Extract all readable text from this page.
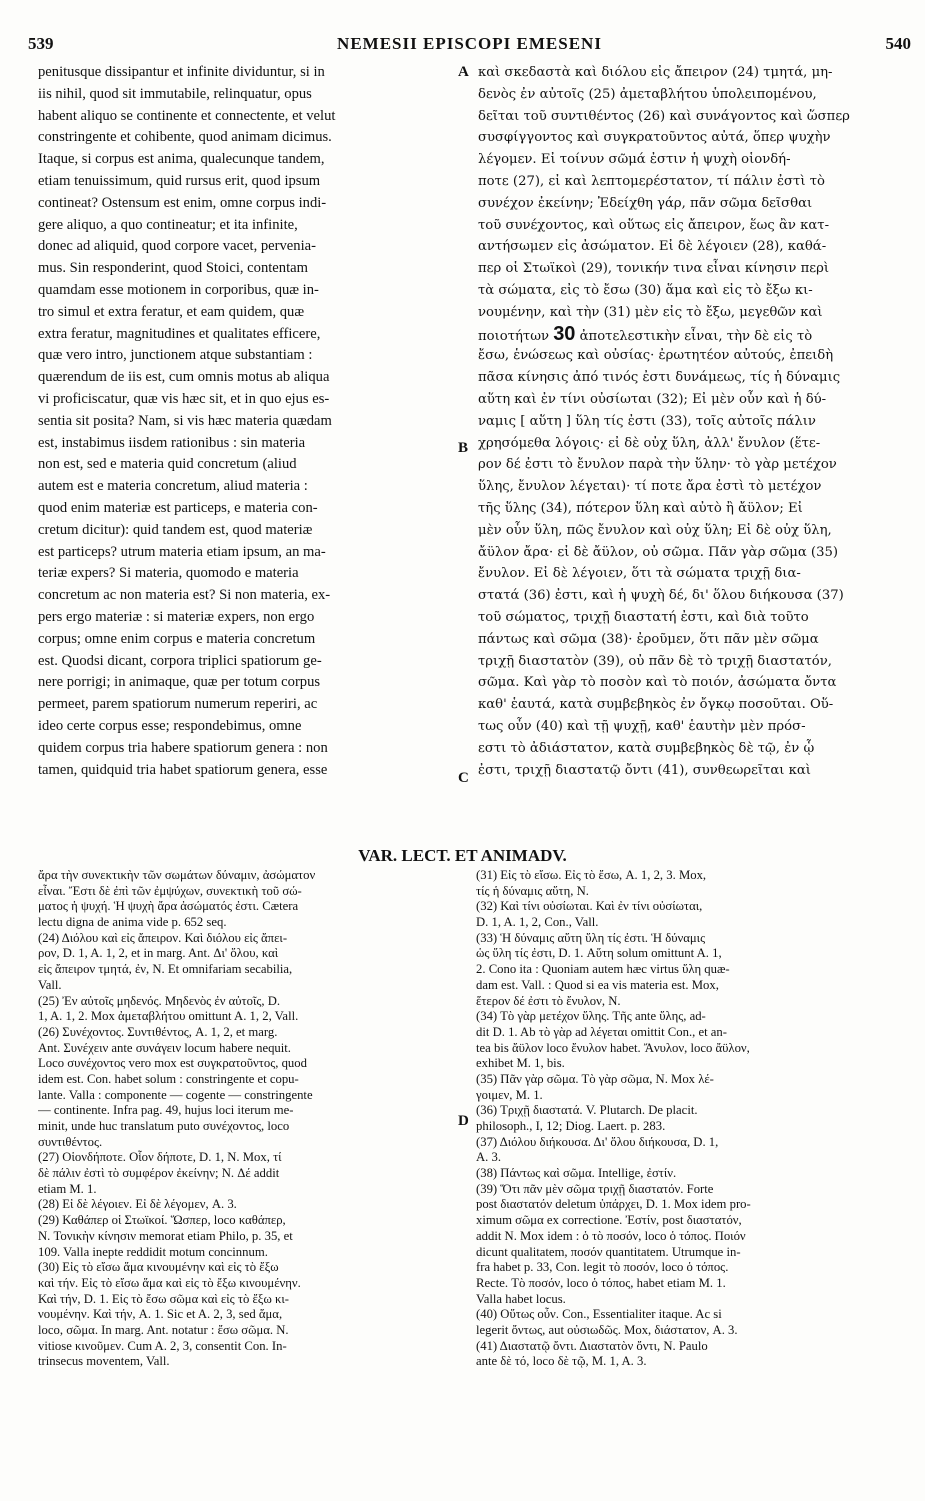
539	NEMESII EPISCOPI EMESENI	540
penitusque dissipantur et infinite dividuntur, si in
iis nihil, quod sit immutabile, relinquatur, opus
habent aliquo se continente et connectente, et velut
constringente et cohibente, quod animam dicimus.
Itaque, si corpus est anima, qualecunque tandem,
etiam tenuissimum, quid rursus erit, quod ipsum
contineat? Ostensum est enim, omne corpus indi-
gere aliquo, a quo contineatur; et ita infinite,
donec ad aliquid, quod corpore vacet, pervenia-
mus. Sin responderint, quod Stoici, contentam
quamdam esse motionem in corporibus, quæ in-
tro simul et extra feratur, et eam quidem, quæ
extra feratur, magnitudines et qualitates efficere,
quæ vero intro, junctionem atque substantiam :
quærendum de iis est, cum omnis motus ab aliqua
vi proficiscatur, quæ vis hæc sit, et in quo ejus es-
sentia sit posita? Nam, si vis hæc materia quædam
est, instabimus iisdem rationibus : sin materia
non est, sed e materia quid concretum (aliud
autem est e materia concretum, aliud materia :
quod enim materiæ est particeps, e materia con-
cretum dicitur): quid tandem est, quod materiæ
est particeps? utrum materia etiam ipsum, an ma-
teriæ expers? Si materia, quomodo e materia
concretum ac non materia est? Si non materia, ex-
pers ergo materiæ : si materiæ expers, non ergo
corpus; omne enim corpus e materia concretum
est. Quodsi dicant, corpora triplici spatiorum ge-
nere porrigi; in animaque, quæ per totum corpus
permeet, parem spatiorum numerum reperiri, ac
ideo certe corpus esse; respondebimus, omne
quidem corpus tria habere spatiorum genera : non
tamen, quidquid tria habet spatiorum genera, esse
καὶ σκεδαστὰ καὶ διόλου εἰς ἄπειρον (24) τμητά, μη-
δενὸς ἐν αὐτοῖς (25) ἀμεταβλήτου ὑπολειπομένου,
δεῖται τοῦ συντιθέντος (26) καὶ συνάγοντος καὶ ὥσπερ
συσφίγγοντος καὶ συγκρατοῦντος αὐτά, ὅπερ ψυχὴν
λέγομεν. Εἰ τοίνυν σῶμά ἐστιν ἡ ψυχὴ οἱονδή-
ποτε (27), εἰ καὶ λεπτομερέστατον, τί πάλιν ἐστὶ τὸ
συνέχον ἐκείνην; Ἐδείχθη γάρ, πᾶν σῶμα δεῖσθαι
τοῦ συνέχοντος, καὶ οὕτως εἰς ἄπειρον, ἕως ἂν κατ-
αντήσωμεν εἰς ἀσώματον. Εἰ δὲ λέγοιεν (28), καθά-
περ οἱ Στωϊκοὶ (29), τονικήν τινα εἶναι κίνησιν περὶ
τὰ σώματα, εἰς τὸ ἔσω (30) ἅμα καὶ εἰς τὸ ἔξω κι-
νουμένην, καὶ τὴν (31) μὲν εἰς τὸ ἔξω, μεγεθῶν καὶ
ποιοτήτων 30 ἀποτελεστικὴν εἶναι, τὴν δὲ εἰς τὸ
ἔσω, ἑνώσεως καὶ οὐσίας· ἐρωτητέον αὐτούς, ἐπειδὴ
πᾶσα κίνησις ἀπό τινός ἐστι δυνάμεως, τίς ἡ δύναμις
αὕτη καὶ ἐν τίνι οὐσίωται (32); Εἰ μὲν οὖν καὶ ἡ δύ-
ναμις [ αὕτη ] ὕλη τίς ἐστι (33), τοῖς αὐτοῖς πάλιν
χρησόμεθα λόγοις· εἰ δὲ οὐχ ὕλη, ἀλλ' ἔνυλον (ἕτε-
ρον δέ ἐστι τὸ ἔνυλον παρὰ τὴν ὕλην· τὸ γὰρ μετέχον
ὕλης, ἔνυλον λέγεται)· τί ποτε ἄρα ἐστὶ τὸ μετέχον
τῆς ὕλης (34), πότερον ὕλη καὶ αὐτὸ ἢ ἄϋλον; Εἰ
μὲν οὖν ὕλη, πῶς ἔνυλον καὶ οὐχ ὕλη; Εἰ δὲ οὐχ ὕλη,
ἄϋλον ἄρα· εἰ δὲ ἄϋλον, οὐ σῶμα. Πᾶν γὰρ σῶμα (35)
ἔνυλον. Εἰ δὲ λέγοιεν, ὅτι τὰ σώματα τριχῇ δια-
στατά (36) ἐστι, καὶ ἡ ψυχὴ δέ, δι' ὅλου διήκουσα (37)
τοῦ σώματος, τριχῇ διαστατή ἐστι, καὶ διὰ τοῦτο
πάντως καὶ σῶμα (38)· ἐροῦμεν, ὅτι πᾶν μὲν σῶμα
τριχῇ διαστατὸν (39), οὐ πᾶν δὲ τὸ τριχῇ διαστατόν,
σῶμα. Καὶ γὰρ τὸ ποσὸν καὶ τὸ ποιόν, ἀσώματα ὄντα
καθ' ἑαυτά, κατὰ συμβεβηκὸς ἐν ὄγκῳ ποσοῦται. Οὕ-
τως οὖν (40) καὶ τῇ ψυχῇ, καθ' ἑαυτὴν μὲν πρόσ-
εστι τὸ ἀδιάστατον, κατὰ συμβεβηκὸς δὲ τῷ, ἐν ᾧ
ἐστι, τριχῇ διαστατῷ ὄντι (41), συνθεωρεῖται καὶ
A
B
C
D
VAR. LECT. ET ANIMADV.
ἄρα τὴν συνεκτικὴν τῶν σωμάτων δύναμιν, ἀσώματον
εἶναι. Ἔστι δὲ ἐπὶ τῶν ἐμψύχων, συνεκτικὴ τοῦ σώ-
ματος ἡ ψυχή. Ἡ ψυχὴ ἄρα ἀσώματός ἐστι. Cætera
lectu digna de anima vide p. 652 seq.
(24) Διόλου καὶ εἰς ἄπειρον. Καὶ διόλου εἰς ἄπει-
ρον, D. 1, A. 1, 2, et in marg. Ant. Δι' ὅλου, καὶ
εἰς ἄπειρον τμητά, ἐν, N. Et omnifariam secabilia,
Vall.
(25) Ἐν αὐτοῖς μηδενός. Μηδενὸς ἐν αὐτοῖς, D.
1, A. 1, 2. Mox ἀμεταβλήτου omittunt A. 1, 2, Vall.
(26) Συνέχοντος. Συντιθέντος, A. 1, 2, et marg.
Ant. Συνέχειν ante συνάγειν locum habere nequit.
Loco συνέχοντος vero mox est συγκρατοῦντος, quod
idem est. Con. habet solum : constringente et copu-
lante. Valla : componente — cogente — constringente
— continente. Infra pag. 49, hujus loci iterum me-
minit, unde huc translatum puto συνέχοντος, loco
συντιθέντος.
(27) Οἱονδήποτε. Οἷον δήποτε, D. 1, N. Mox, τί
δὲ πάλιν ἐστὶ τὸ συμφέρον ἐκείνην; N. Δέ addit
etiam M. 1.
(28) Εἰ δὲ λέγοιεν. Εἰ δὲ λέγομεν, A. 3.
(29) Καθάπερ οἱ Στωϊκοί. Ὥσπερ, loco καθάπερ,
N. Τονικὴν κίνησιν memorat etiam Philo, p. 35, et
109. Valla inepte reddidit motum concinnum.
(30) Εἰς τὸ εἴσω ἅμα κινουμένην καὶ εἰς τὸ ἔξω
καὶ τήν. Εἰς τὸ εἴσω ἅμα καὶ εἰς τὸ ἔξω κινουμένην.
Καὶ τήν, D. 1. Εἰς τὸ ἔσω σῶμα καὶ εἰς τὸ ἔξω κι-
νουμένην. Καὶ τήν, A. 1. Sic et A. 2, 3, sed ἅμα,
loco, σῶμα. In marg. Ant. notatur : ἔσω σῶμα. N.
vitiose κινοῦμεν. Cum A. 2, 3, consentit Con. In-
trinsecus moventem, Vall.
(31) Εἰς τὸ εἴσω. Εἰς τὸ ἔσω, A. 1, 2, 3. Mox,
τίς ἡ δύναμις αὕτη, N.
(32) Καὶ τίνι οὐσίωται. Καὶ ἐν τίνι οὐσίωται,
D. 1, A. 1, 2, Con., Vall.
(33) Ἡ δύναμις αὕτη ὕλη τίς ἐστι. Ἡ δύναμις
ὡς ὕλη τίς ἐστι, D. 1. Αὕτη solum omittunt A. 1,
2. Cono ita : Quoniam autem hæc virtus ὕλη quæ-
dam est. Vall. : Quod si ea vis materia est. Mox,
ἕτερον δέ ἐστι τὸ ἔνυλον, N.
(34) Τὸ γὰρ μετέχον ὕλης. Τῆς ante ὕλης, ad-
dit D. 1. Ab τὸ γὰρ ad λέγεται omittit Con., et an-
tea bis ἄϋλον loco ἔνυλον habet. Ἄνυλον, loco ἄϋλον,
exhibet M. 1, bis.
(35) Πᾶν γὰρ σῶμα. Τὸ γὰρ σῶμα, N. Mox λέ-
γοιμεν, M. 1.
(36) Τριχῇ διαστατά. V. Plutarch. De placit.
philosoph., I, 12; Diog. Laert. p. 283.
(37) Διόλου διήκουσα. Δι' ὅλου διήκουσα, D. 1,
A. 3.
(38) Πάντως καὶ σῶμα. Intellige, ἐστίν.
(39) Ὅτι πᾶν μὲν σῶμα τριχῇ διαστατόν. Forte
post διαστατόν deletum ὑπάρχει, D. 1. Mox idem pro-
ximum σῶμα ex correctione. Ἐστίν, post διαστατόν,
addit N. Mox idem : ὁ τὸ ποσόν, loco ὁ τόπος. Ποιόν
dicunt qualitatem, ποσόν quantitatem. Utrumque in-
fra habet p. 33, Con. legit τὸ ποσόν, loco ὁ τόπος.
Recte. Τὸ ποσόν, loco ὁ τόπος, habet etiam M. 1.
Valla habet locus.
(40) Οὕτως οὖν. Con., Essentialiter itaque. Ac si
legerit ὄντως, aut οὐσιωδῶς. Mox, διάστατον, A. 3.
(41) Διαστατῷ ὄντι. Διαστατὸν ὄντι, N. Paulo
ante δὲ τό, loco δὲ τῷ, M. 1, A. 3.
